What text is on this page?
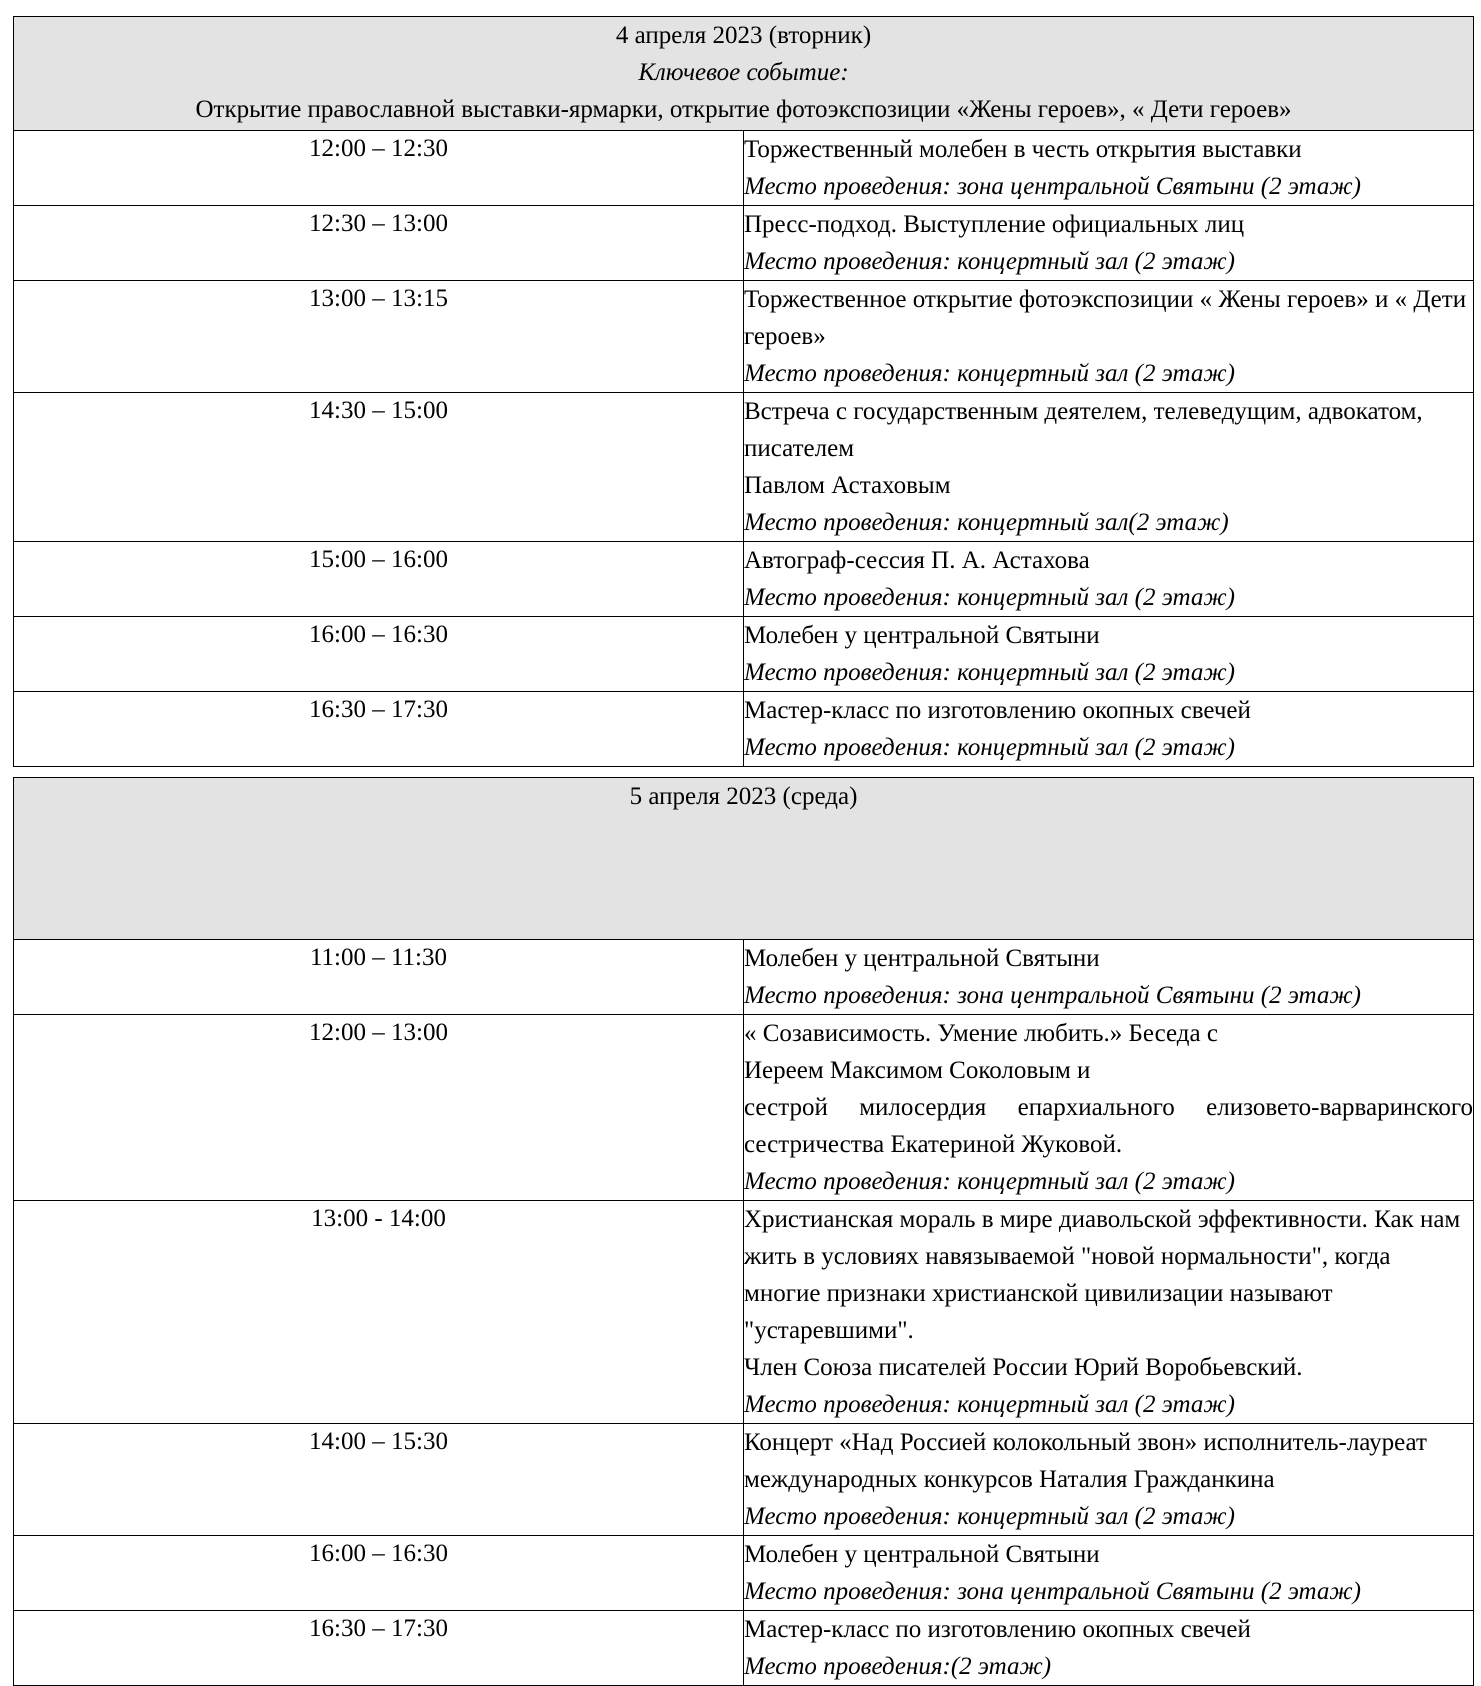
4 апреля 2023 (вторник)
Ключевое событие:
Открытие православной выставки-ярмарки, открытие фотоэкспозиции «Жены героев», « Дети героев»	

12:00 – 12:30	Торжественный молебен в честь открытия выставки
Место проведения: зона центральной Святыни (2 этаж)

12:30 – 13:00	Пресс-подход. Выступление официальных лиц
Место проведения: концертный зал (2 этаж)

13:00 – 13:15	Торжественное открытие фотоэкспозиции « Жены героев» и « Дети героев»
Место проведения: концертный зал (2 этаж)

14:30 – 15:00	Встреча с государственным деятелем, телеведущим, адвокатом, писателем
Павлом Астаховым
Место проведения: концертный зал(2 этаж)

15:00 – 16:00	Автограф-сессия П. А. Астахова
Место проведения: концертный зал (2 этаж)

16:00 – 16:30	Молебен у центральной Святыни
Место проведения: концертный зал (2 этаж)

16:30 – 17:30	Мастер-класс по изготовлению окопных свечей
Место проведения: концертный зал (2 этаж)
5 апреля 2023 (среда)	

11:00 – 11:30	Молебен у центральной Святыни
Место проведения: зона центральной Святыни (2 этаж)

12:00 – 13:00	« Созависимость. Умение любить.» Беседа с
Иереем Максимом Соколовым и
сестрой милосердия епархиального елизовето-варваринского сестричества Екатериной Жуковой.
Место проведения: концертный зал (2 этаж)

13:00 - 14:00	Христианская мораль в мире диавольской эффективности. Как нам жить в условиях навязываемой "новой нормальности", когда многие признаки христианской цивилизации называют "устаревшими".
Член Союза писателей России Юрий Воробьевский.
Место проведения: концертный зал (2 этаж)

14:00 – 15:30	Концерт «Над Россией колокольный звон» исполнитель-лауреат международных конкурсов Наталия Гражданкина
Место проведения: концертный зал (2 этаж)

16:00 – 16:30	Молебен у центральной Святыни
Место проведения: зона центральной Святыни (2 этаж)

16:30 – 17:30	Мастер-класс по изготовлению окопных свечей
Место проведения:(2 этаж)
